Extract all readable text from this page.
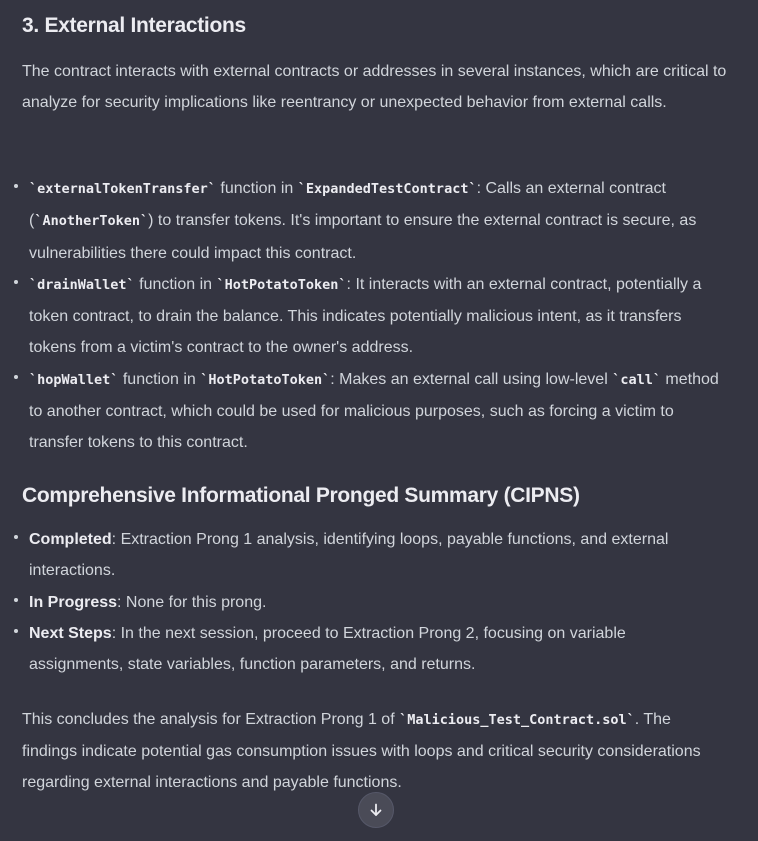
3. External Interactions

The contract interacts with external contracts or addresses in several instances, which are critical to analyze for security implications like reentrancy or unexpected behavior from external calls.

`externalTokenTransfer` function in `ExpandedTestContract`: Calls an external contract (`AnotherToken`) to transfer tokens. It's important to ensure the external contract is secure, as vulnerabilities there could impact this contract.
`drainWallet` function in `HotPotatoToken`: It interacts with an external contract, potentially a token contract, to drain the balance. This indicates potentially malicious intent, as it transfers tokens from a victim's contract to the owner's address.
`hopWallet` function in `HotPotatoToken`: Makes an external call using low-level `call` method to another contract, which could be used for malicious purposes, such as forcing a victim to transfer tokens to this contract.
Comprehensive Informational Pronged Summary (CIPNS)
Completed: Extraction Prong 1 analysis, identifying loops, payable functions, and external interactions.
In Progress: None for this prong.
Next Steps: In the next session, proceed to Extraction Prong 2, focusing on variable assignments, state variables, function parameters, and returns.

This concludes the analysis for Extraction Prong 1 of `Malicious_Test_Contract.sol`. The findings indicate potential gas consumption issues with loops and critical security considerations regarding external interactions and payable functions.
